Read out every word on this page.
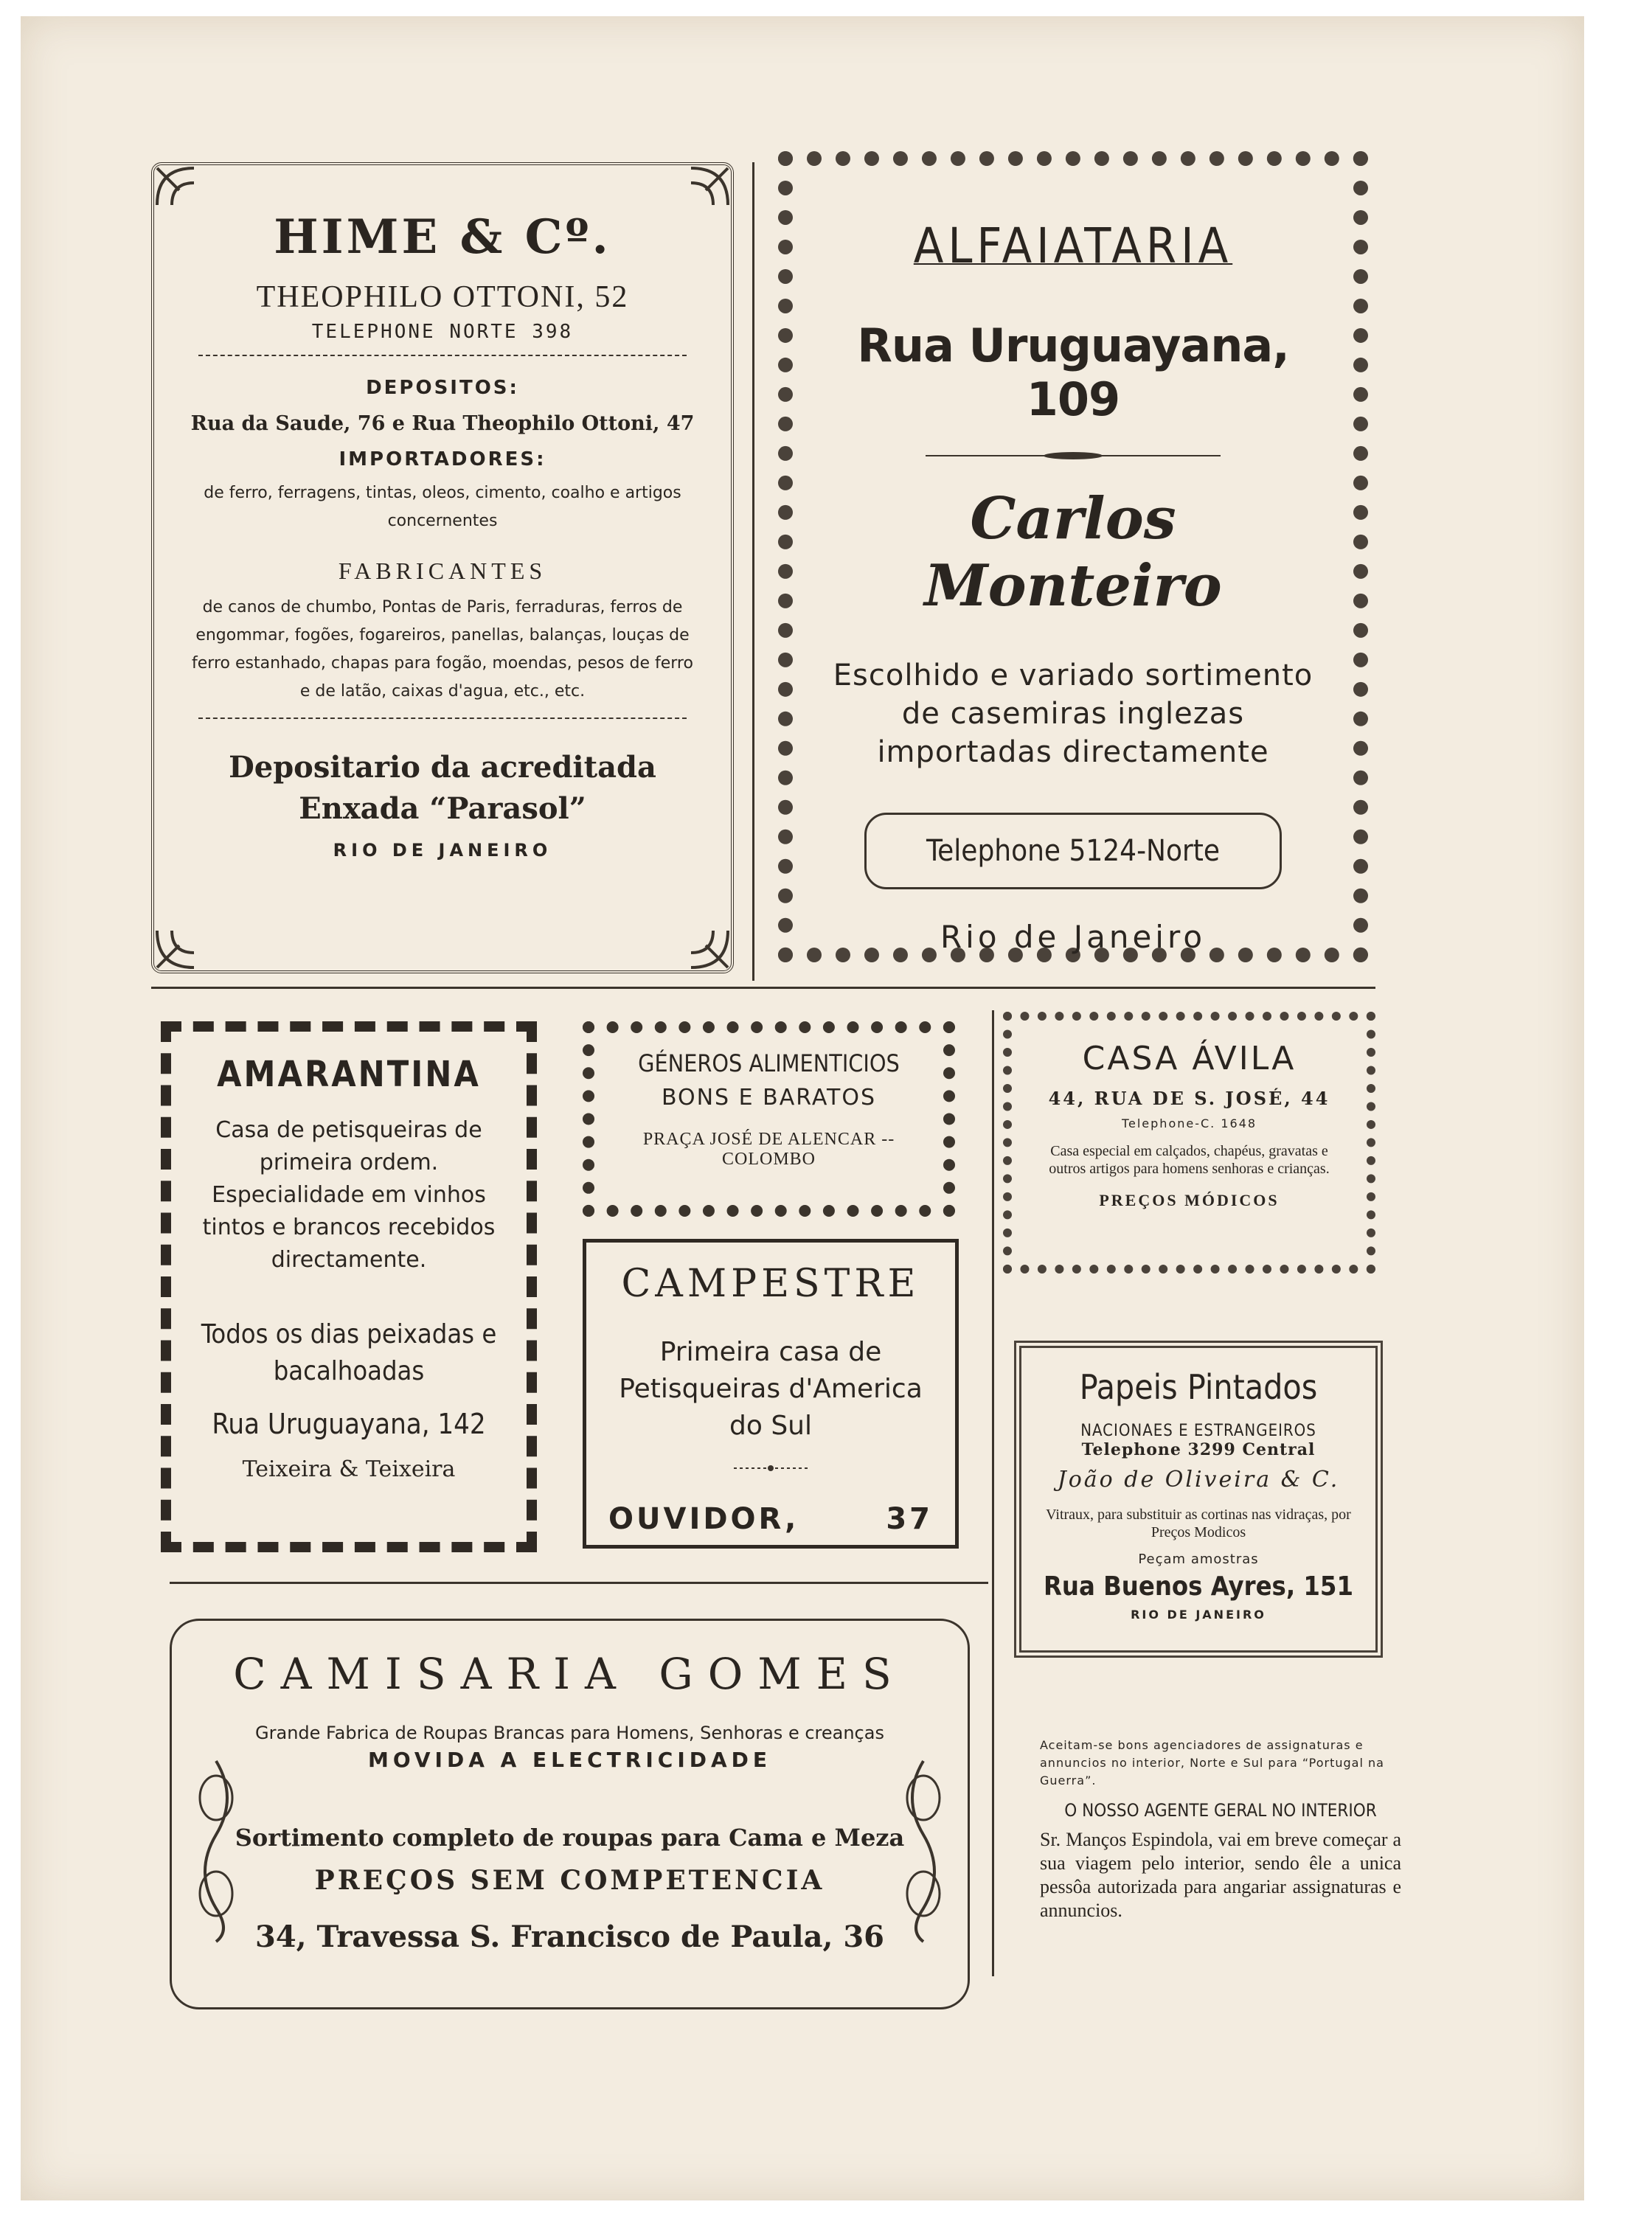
HIME & Cº.
THEOPHILO OTTONI, 52
TELEPHONE NORTE 398
DEPOSITOS:
Rua da Saude, 76 e Rua Theophilo Ottoni, 47
IMPORTADORES:
de ferro, ferragens, tintas, oleos, cimento, coalho e artigos concernentes
FABRICANTES
de canos de chumbo, Pontas de Paris, ferraduras, ferros de engommar, fogões, fogareiros, panellas, balanças, louças de ferro estanhado, chapas para fogão, moendas, pesos de ferro e de latão, caixas d'agua, etc., etc.
Depositario da acreditada Enxada “Parasol”
RIO DE JANEIRO
ALFAIATARIA
Rua Uruguayana, 109
Carlos Monteiro
Escolhido e variado sortimento de casemiras inglezas importadas directamente
Telephone 5124-Norte
Rio de Janeiro
AMARANTINA
Casa de petisqueiras de primeira ordem. Especialidade em vinhos tintos e brancos recebidos directamente.
Todos os dias peixadas e bacalhoadas
Rua Uruguayana, 142
Teixeira & Teixeira
GÉNEROS ALIMENTICIOS
BONS E BARATOS
PRAÇA JOSÉ DE ALENCAR -- COLOMBO
CAMPESTRE
Primeira casa de Petisqueiras d'America do Sul
OUVIDOR,	37
CASA ÁVILA
44, RUA DE S. JOSÉ, 44
Telephone-C. 1648
Casa especial em calçados, chapéus, gravatas e outros artigos para homens senhoras e crianças.
PREÇOS MÓDICOS
Papeis Pintados
NACIONAES E ESTRANGEIROS
Telephone 3299 Central
João de Oliveira & C.
Vitraux, para substituir as cortinas nas vidraças, por Preços Modicos
Peçam amostras
Rua Buenos Ayres, 151
RIO DE JANEIRO
Aceitam-se bons agenciadores de assignaturas e annuncios no interior, Norte e Sul para “Portugal na Guerra”.
O NOSSO AGENTE GERAL NO INTERIOR
Sr. Manços Espindola, vai em breve começar a sua viagem pelo interior, sendo êle a unica pessôa autorizada para angariar assignaturas e annuncios.
CAMISARIA GOMES
Grande Fabrica de Roupas Brancas para Homens, Senhoras e creanças
MOVIDA A ELECTRICIDADE
Sortimento completo de roupas para Cama e Meza
PREÇOS SEM COMPETENCIA
34, Travessa S. Francisco de Paula, 36
